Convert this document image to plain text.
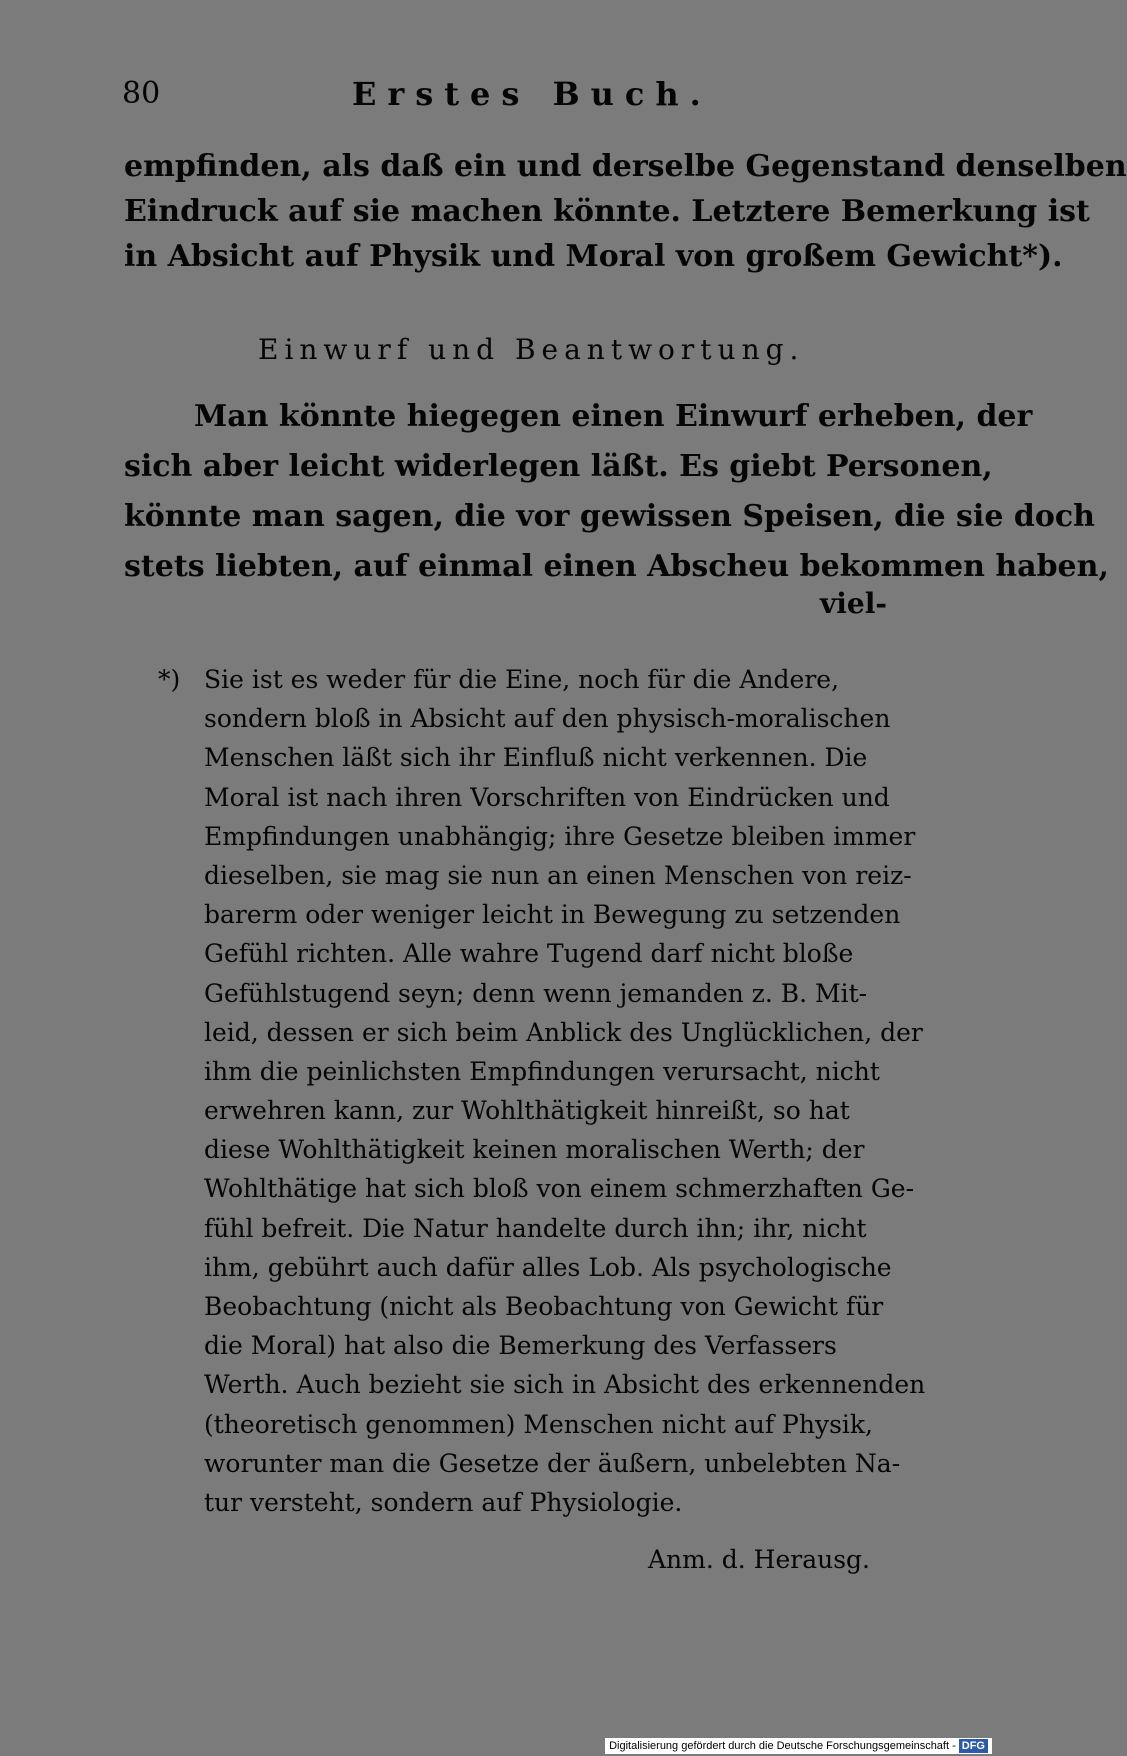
80	Erstes Buch.
empfinden, als daß ein und derselbe Gegenstand denselben
Eindruck auf sie machen könnte. Letztere Bemerkung ist
in Absicht auf Physik und Moral von großem Gewicht*).
Einwurf und Beantwortung.
Man könnte hiegegen einen Einwurf erheben, der
sich aber leicht widerlegen läßt. Es giebt Personen,
könnte man sagen, die vor gewissen Speisen, die sie doch
stets liebten, auf einmal einen Abscheu bekommen haben,
viel-
*) Sie ist es weder für die Eine, noch für die Andere,
sondern bloß in Absicht auf den physisch-moralischen
Menschen läßt sich ihr Einfluß nicht verkennen. Die
Moral ist nach ihren Vorschriften von Eindrücken und
Empfindungen unabhängig; ihre Gesetze bleiben immer
dieselben, sie mag sie nun an einen Menschen von reiz-
barerm oder weniger leicht in Bewegung zu setzenden
Gefühl richten. Alle wahre Tugend darf nicht bloße
Gefühlstugend seyn; denn wenn jemanden z. B. Mit-
leid, dessen er sich beim Anblick des Unglücklichen, der
ihm die peinlichsten Empfindungen verursacht, nicht
erwehren kann, zur Wohlthätigkeit hinreißt, so hat
diese Wohlthätigkeit keinen moralischen Werth; der
Wohlthätige hat sich bloß von einem schmerzhaften Ge-
fühl befreit. Die Natur handelte durch ihn; ihr, nicht
ihm, gebührt auch dafür alles Lob. Als psychologische
Beobachtung (nicht als Beobachtung von Gewicht für
die Moral) hat also die Bemerkung des Verfassers
Werth. Auch bezieht sie sich in Absicht des erkennenden
(theoretisch genommen) Menschen nicht auf Physik,
worunter man die Gesetze der äußern, unbelebten Na-
tur versteht, sondern auf Physiologie.
Anm. d. Herausg.
Digitalisierung gefördert durch die Deutsche Forschungsgemeinschaft - DFG
